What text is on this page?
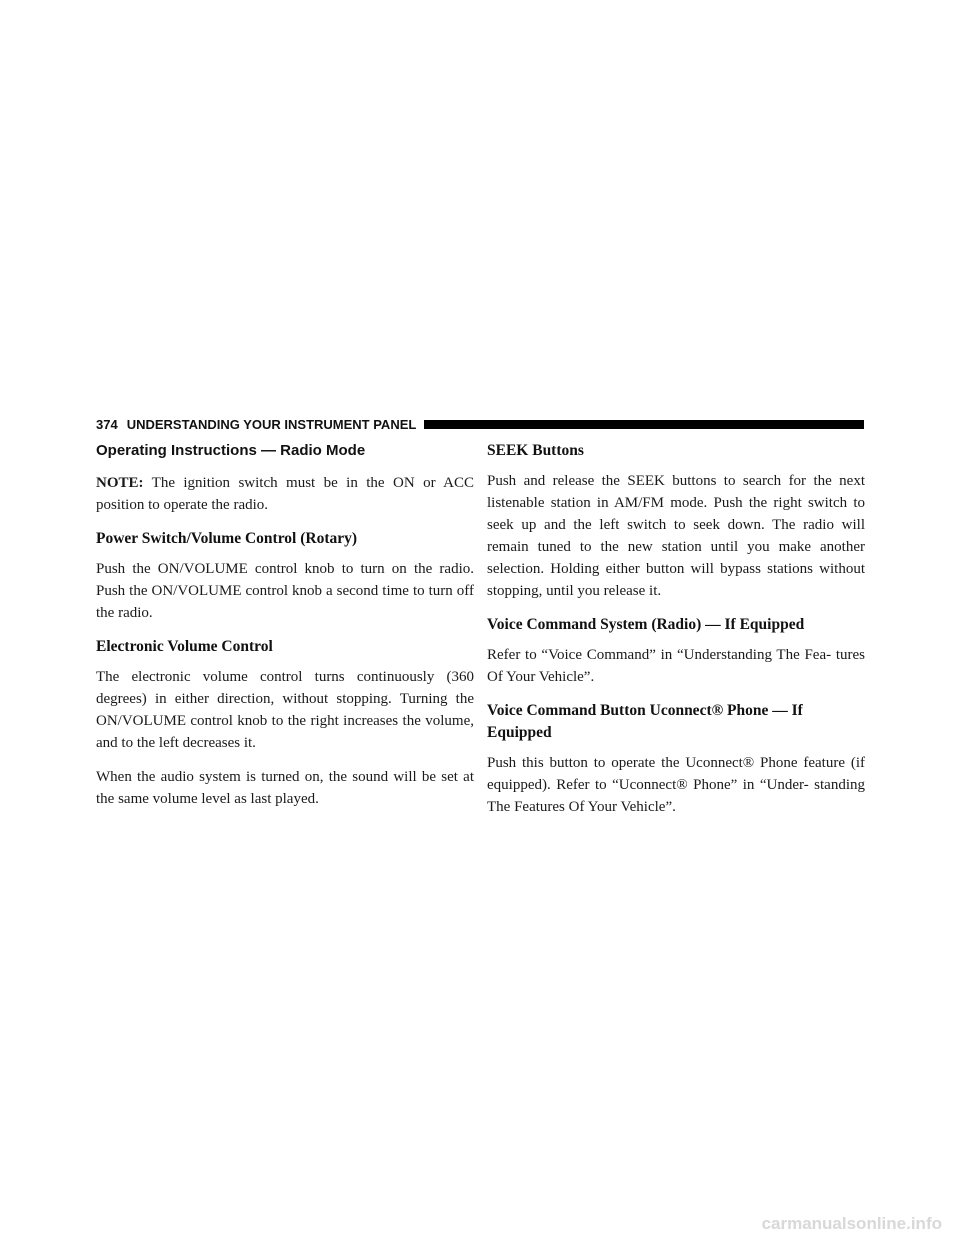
374 UNDERSTANDING YOUR INSTRUMENT PANEL
Operating Instructions — Radio Mode

NOTE: The ignition switch must be in the ON or ACC position to operate the radio.

Power Switch/Volume Control (Rotary)

Push the ON/VOLUME control knob to turn on the radio. Push the ON/VOLUME control knob a second time to turn off the radio.

Electronic Volume Control

The electronic volume control turns continuously (360 degrees) in either direction, without stopping. Turning the ON/VOLUME control knob to the right increases the volume, and to the left decreases it.

When the audio system is turned on, the sound will be set at the same volume level as last played.

SEEK Buttons

Push and release the SEEK buttons to search for the next listenable station in AM/FM mode. Push the right switch to seek up and the left switch to seek down. The radio will remain tuned to the new station until you make another selection. Holding either button will bypass stations without stopping, until you release it.

Voice Command System (Radio) — If Equipped

Refer to “Voice Command” in “Understanding The Fea- tures Of Your Vehicle”.

Voice Command Button Uconnect® Phone — If Equipped

Push this button to operate the Uconnect® Phone feature (if equipped). Refer to “Uconnect® Phone” in “Under- standing The Features Of Your Vehicle”.

carmanualsonline.info
